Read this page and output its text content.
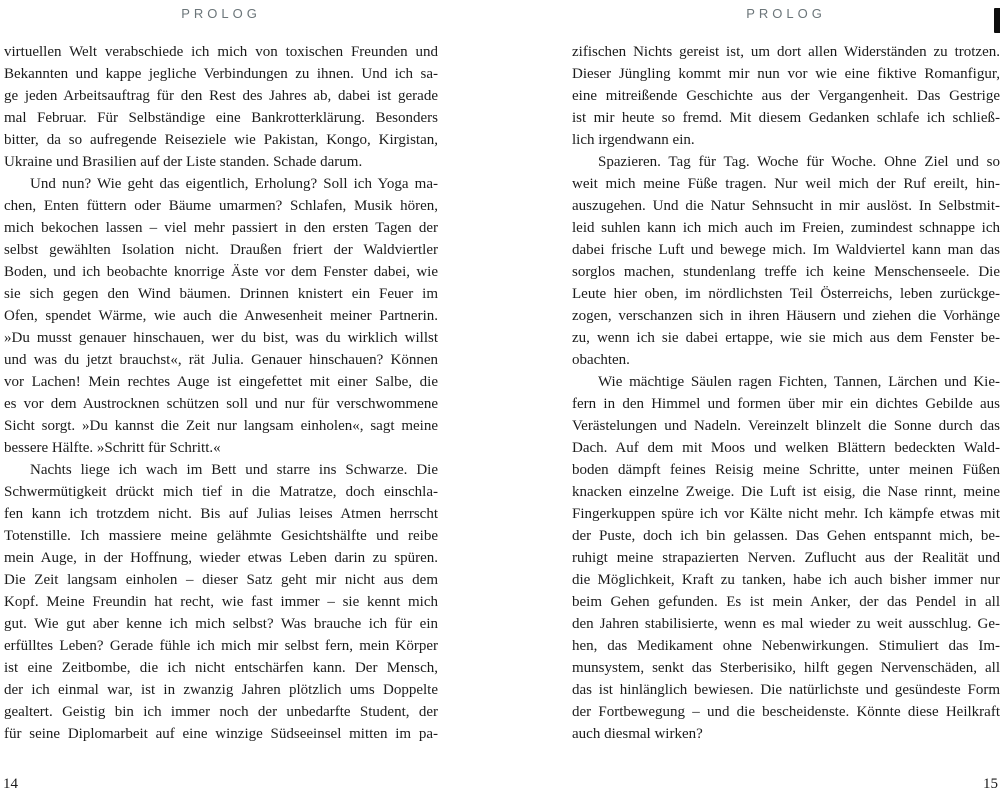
PROLOG
virtuellen Welt verabschiede ich mich von toxischen Freunden und
Bekannten und kappe jegliche Verbindungen zu ihnen. Und ich sa-
ge jeden Arbeitsauftrag für den Rest des Jahres ab, dabei ist gerade
mal Februar. Für Selbständige eine Bankrotterklärung. Besonders
bitter, da so aufregende Reiseziele wie Pakistan, Kongo, Kirgistan,
Ukraine und Brasilien auf der Liste standen. Schade darum.
Und nun? Wie geht das eigentlich, Erholung? Soll ich Yoga ma-
chen, Enten füttern oder Bäume umarmen? Schlafen, Musik hören,
mich bekochen lassen – viel mehr passiert in den ersten Tagen der
selbst gewählten Isolation nicht. Draußen friert der Waldviertler
Boden, und ich beobachte knorrige Äste vor dem Fenster dabei, wie
sie sich gegen den Wind bäumen. Drinnen knistert ein Feuer im
Ofen, spendet Wärme, wie auch die Anwesenheit meiner Partnerin.
»Du musst genauer hinschauen, wer du bist, was du wirklich willst
und was du jetzt brauchst«, rät Julia. Genauer hinschauen? Können
vor Lachen! Mein rechtes Auge ist eingefettet mit einer Salbe, die
es vor dem Austrocknen schützen soll und nur für verschwommene
Sicht sorgt. »Du kannst die Zeit nur langsam einholen«, sagt meine
bessere Hälfte. »Schritt für Schritt.«
Nachts liege ich wach im Bett und starre ins Schwarze. Die
Schwermütigkeit drückt mich tief in die Matratze, doch einschla-
fen kann ich trotzdem nicht. Bis auf Julias leises Atmen herrscht
Totenstille. Ich massiere meine gelähmte Gesichtshälfte und reibe
mein Auge, in der Hoffnung, wieder etwas Leben darin zu spüren.
Die Zeit langsam einholen – dieser Satz geht mir nicht aus dem
Kopf. Meine Freundin hat recht, wie fast immer – sie kennt mich
gut. Wie gut aber kenne ich mich selbst? Was brauche ich für ein
erfülltes Leben? Gerade fühle ich mich mir selbst fern, mein Körper
ist eine Zeitbombe, die ich nicht entschärfen kann. Der Mensch,
der ich einmal war, ist in zwanzig Jahren plötzlich ums Doppelte
gealtert. Geistig bin ich immer noch der unbedarfte Student, der
für seine Diplomarbeit auf eine winzige Südseeinsel mitten im pa-
14
PROLOG
zifischen Nichts gereist ist, um dort allen Widerständen zu trotzen.
Dieser Jüngling kommt mir nun vor wie eine fiktive Romanfigur,
eine mitreißende Geschichte aus der Vergangenheit. Das Gestrige
ist mir heute so fremd. Mit diesem Gedanken schlafe ich schließ-
lich irgendwann ein.
Spazieren. Tag für Tag. Woche für Woche. Ohne Ziel und so
weit mich meine Füße tragen. Nur weil mich der Ruf ereilt, hin-
auszugehen. Und die Natur Sehnsucht in mir auslöst. In Selbstmit-
leid suhlen kann ich mich auch im Freien, zumindest schnappe ich
dabei frische Luft und bewege mich. Im Waldviertel kann man das
sorglos machen, stundenlang treffe ich keine Menschenseele. Die
Leute hier oben, im nördlichsten Teil Österreichs, leben zurückge-
zogen, verschanzen sich in ihren Häusern und ziehen die Vorhänge
zu, wenn ich sie dabei ertappe, wie sie mich aus dem Fenster be-
obachten.
Wie mächtige Säulen ragen Fichten, Tannen, Lärchen und Kie-
fern in den Himmel und formen über mir ein dichtes Gebilde aus
Verästelungen und Nadeln. Vereinzelt blinzelt die Sonne durch das
Dach. Auf dem mit Moos und welken Blättern bedeckten Wald-
boden dämpft feines Reisig meine Schritte, unter meinen Füßen
knacken einzelne Zweige. Die Luft ist eisig, die Nase rinnt, meine
Fingerkuppen spüre ich vor Kälte nicht mehr. Ich kämpfe etwas mit
der Puste, doch ich bin gelassen. Das Gehen entspannt mich, be-
ruhigt meine strapazierten Nerven. Zuflucht aus der Realität und
die Möglichkeit, Kraft zu tanken, habe ich auch bisher immer nur
beim Gehen gefunden. Es ist mein Anker, der das Pendel in all
den Jahren stabilisierte, wenn es mal wieder zu weit ausschlug. Ge-
hen, das Medikament ohne Nebenwirkungen. Stimuliert das Im-
munsystem, senkt das Sterberisiko, hilft gegen Nervenschäden, all
das ist hinlänglich bewiesen. Die natürlichste und gesündeste Form
der Fortbewegung – und die bescheidenste. Könnte diese Heilkraft
auch diesmal wirken?
15
